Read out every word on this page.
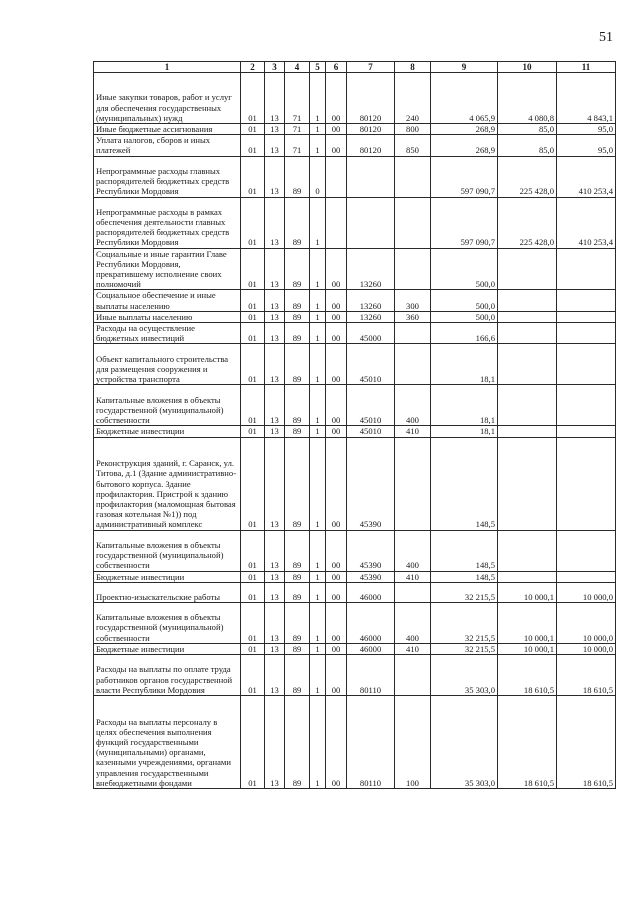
51
1	2	3	4	5	6	7	8	9	10	11
Иные закупки товаров, работ и услуг для обеспечения государственных (муниципальных) нужд	01	13	71	1	00	80120	240	4 065,9	4 080,8	4 843,1
Иные бюджетные ассигнования	01	13	71	1	00	80120	800	268,9	85,0	95,0
Уплата налогов, сборов и иных платежей	01	13	71	1	00	80120	850	268,9	85,0	95,0
Непрограммные расходы главных распорядителей бюджетных средств Республики Мордовия	01	13	89	0				597 090,7	225 428,0	410 253,4
Непрограммные расходы в рамках обеспечения деятельности главных распорядителей бюджетных средств Республики Мордовия	01	13	89	1				597 090,7	225 428,0	410 253,4
Социальные и иные гарантии Главе Республики Мордовия, прекратившему исполнение своих полномочий	01	13	89	1	00	13260		500,0		
Социальное обеспечение и иные выплаты населению	01	13	89	1	00	13260	300	500,0		
Иные выплаты населению	01	13	89	1	00	13260	360	500,0		
Расходы на осуществление бюджетных инвестиций	01	13	89	1	00	45000		166,6		
Объект капитального строительства для размещения сооружения и устройства транспорта	01	13	89	1	00	45010		18,1		
Капитальные вложения в объекты государственной (муниципальной) собственности	01	13	89	1	00	45010	400	18,1		
Бюджетные инвестиции	01	13	89	1	00	45010	410	18,1		
Реконструкция зданий, г. Саранск, ул. Титова, д.1 (Здание административно-бытового корпуса. Здание профилактория. Пристрой к зданию профилактория (маломощная бытовая газовая котельная №1)) под административный комплекс	01	13	89	1	00	45390		148,5		
Капитальные вложения в объекты государственной (муниципальной) собственности	01	13	89	1	00	45390	400	148,5		
Бюджетные инвестиции	01	13	89	1	00	45390	410	148,5		
Проектно-изыскательские работы	01	13	89	1	00	46000		32 215,5	10 000,1	10 000,0
Капитальные вложения в объекты государственной (муниципальной) собственности	01	13	89	1	00	46000	400	32 215,5	10 000,1	10 000,0
Бюджетные инвестиции	01	13	89	1	00	46000	410	32 215,5	10 000,1	10 000,0
Расходы на выплаты по оплате труда работников органов государственной власти Республики Мордовия	01	13	89	1	00	80110		35 303,0	18 610,5	18 610,5
Расходы на выплаты персоналу в целях обеспечения выполнения функций государственными (муниципальными) органами, казенными учреждениями, органами управления государственными внебюджетными фондами	01	13	89	1	00	80110	100	35 303,0	18 610,5	18 610,5
